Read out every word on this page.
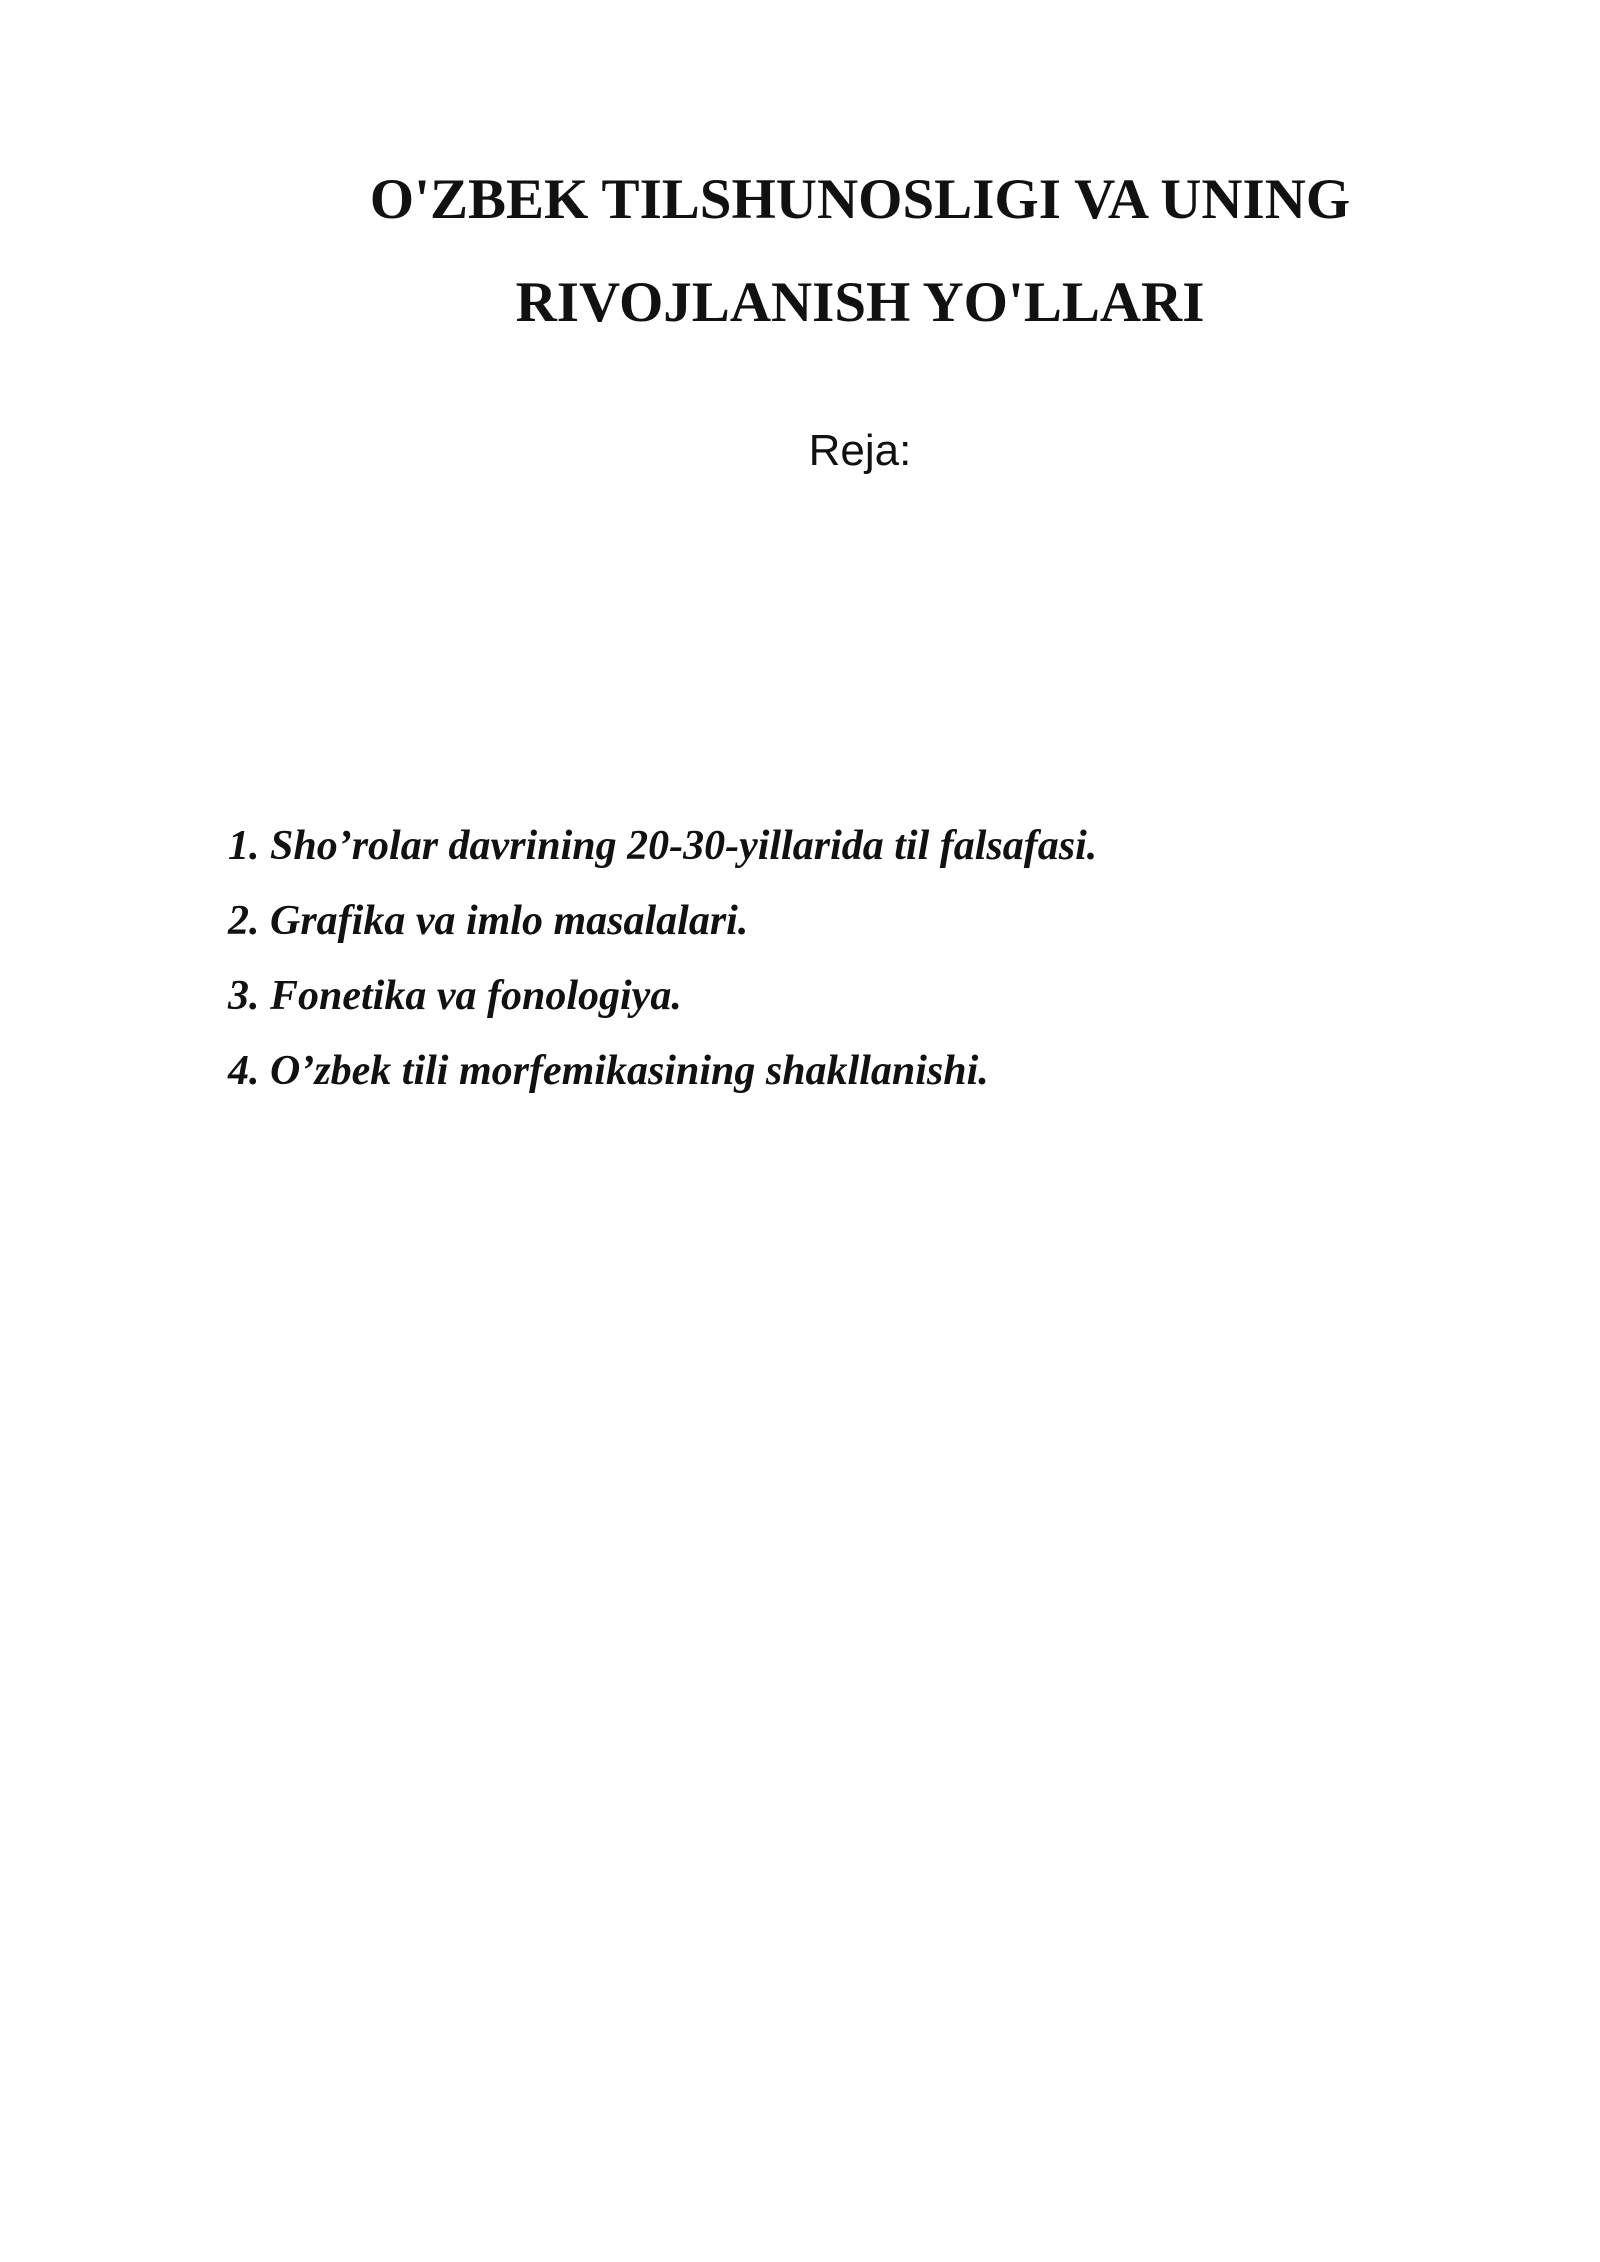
O'ZBEK TILSHUNOSLIGI VA UNING
RIVOJLANISH YO'LLARI
Reja:
1. Sho’rolar davrining 20-30-yillarida til falsafasi.
2. Grafika va imlo masalalari.
3. Fonetika va fonologiya.
4. O’zbek tili morfemikasining shakllanishi.
